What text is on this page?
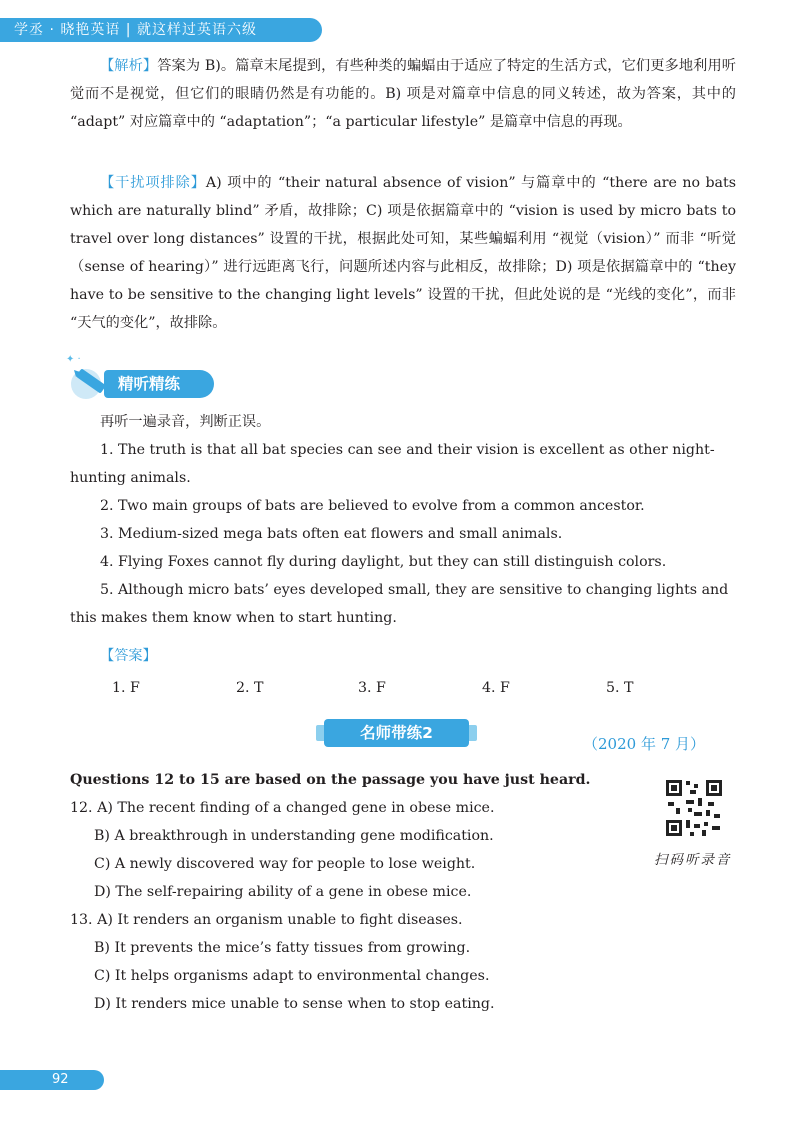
学丞 · 晓艳英语 | 就这样过英语六级
【解析】答案为 B)。篇章末尾提到，有些种类的蝙蝠由于适应了特定的生活方式，它们更多地利用听觉而不是视觉，但它们的眼睛仍然是有功能的。B) 项是对篇章中信息的同义转述，故为答案，其中的 “adapt” 对应篇章中的 “adaptation”；“a particular lifestyle” 是篇章中信息的再现。
【干扰项排除】A) 项中的 “their natural absence of vision” 与篇章中的 “there are no bats which are naturally blind” 矛盾，故排除；C) 项是依据篇章中的 “vision is used by micro bats to travel over long distances” 设置的干扰，根据此处可知，某些蝙蝠利用 “视觉（vision）” 而非 “听觉（sense of hearing）” 进行远距离飞行，问题所述内容与此相反，故排除；D) 项是依据篇章中的 “they have to be sensitive to the changing light levels” 设置的干扰，但此处说的是 “光线的变化”，而非 “天气的变化”，故排除。
✦ ·
精听精练
再听一遍录音，判断正误。
1. The truth is that all bat species can see and their vision is excellent as other night-hunting animals.
2. Two main groups of bats are believed to evolve from a common ancestor.
3. Medium-sized mega bats often eat flowers and small animals.
4. Flying Foxes cannot fly during daylight, but they can still distinguish colors.
5. Although micro bats’ eyes developed small, they are sensitive to changing lights and this makes them know when to start hunting.
【答案】
1. F	2. T	3. F	4. F	5. T
名师带练2
（2020 年 7 月）
Questions 12 to 15 are based on the passage you have just heard.
12. A) The recent finding of a changed gene in obese mice.
B) A breakthrough in understanding gene modification.
C) A newly discovered way for people to lose weight.
D) The self-repairing ability of a gene in obese mice.
13. A) It renders an organism unable to fight diseases.
B) It prevents the mice’s fatty tissues from growing.
C) It helps organisms adapt to environmental changes.
D) It renders mice unable to sense when to stop eating.
扫码听录音
92
